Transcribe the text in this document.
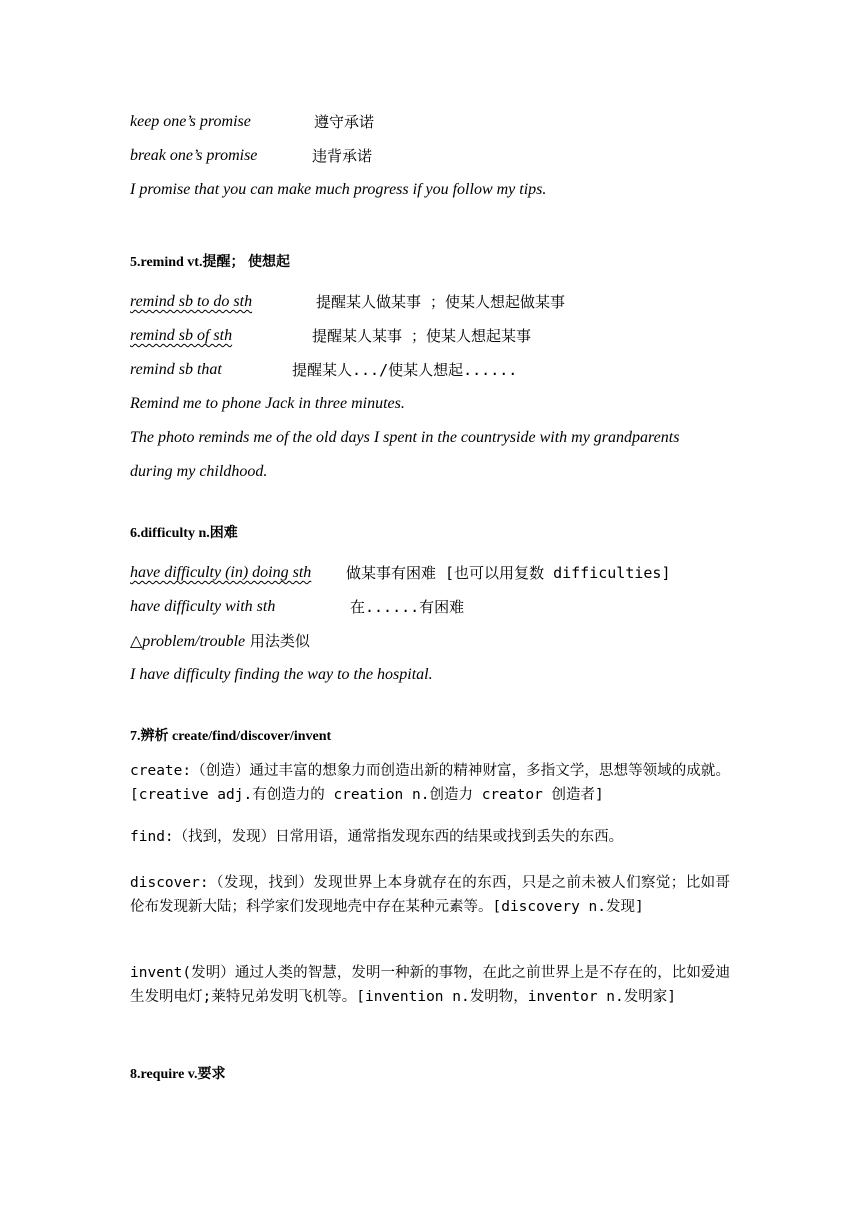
keep one’s promise	遵守承诺
break one’s promise	违背承诺
I promise that you can make much progress if you follow my tips.
5.remind vt.提醒； 使想起
remind sb to do sth	提醒某人做某事 ；使某人想起做某事
remind sb of sth	提醒某人某事 ；使某人想起某事
remind sb that	提醒某人.../使某人想起......
Remind me to phone Jack in three minutes.
The photo reminds me of the old days I spent in the countryside with my grandparents
during my childhood.
6.difficulty n.困难
have difficulty (in) doing sth 做某事有困难 [也可以用复数 difficulties]
have difficulty with sth	在......有困难
△problem/trouble 用法类似
I have difficulty finding the way to the hospital.
7.辨析 create/find/discover/invent
create:（创造）通过丰富的想象力而创造出新的精神财富，多指文学，思想等领域的成就。[creative adj.有创造力的 creation n.创造力 creator 创造者]
find:（找到，发现）日常用语，通常指发现东西的结果或找到丢失的东西。
discover:（发现，找到）发现世界上本身就存在的东西，只是之前未被人们察觉；比如哥伦布发现新大陆；科学家们发现地壳中存在某种元素等。[discovery n.发现]
invent(发明）通过人类的智慧，发明一种新的事物，在此之前世界上是不存在的，比如爱迪生发明电灯;莱特兄弟发明飞机等。[invention n.发明物，inventor n.发明家]
8.require v.要求
